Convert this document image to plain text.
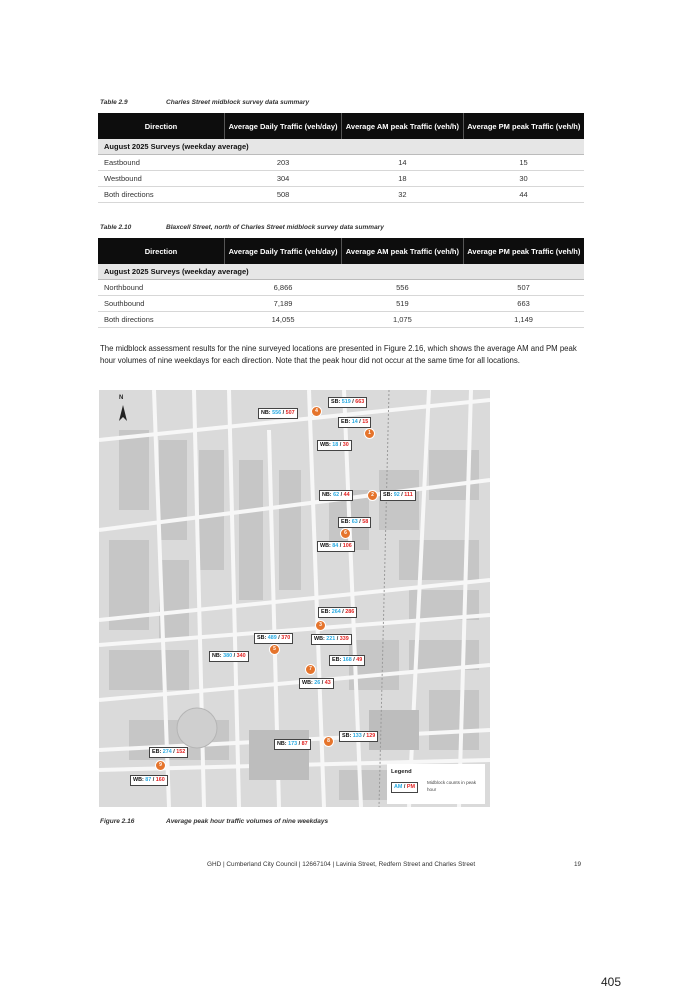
Table 2.9	Charles Street midblock survey data summary
Direction	Average Daily Traffic (veh/day)	Average AM peak Traffic (veh/h)	Average PM peak Traffic (veh/h)
August 2025 Surveys (weekday average)			
Eastbound	203	14	15
Westbound	304	18	30
Both directions	508	32	44
Table 2.10	Blaxcell Street, north of Charles Street midblock survey data summary
Direction	Average Daily Traffic (veh/day)	Average AM peak Traffic (veh/h)	Average PM peak Traffic (veh/h)
August 2025 Surveys (weekday average)			
Northbound	6,866	556	507
Southbound	7,189	519	663
Both directions	14,055	1,075	1,149
The midblock assessment results for the nine surveyed locations are presented in Figure 2.16, which shows the average AM and PM peak hour volumes of nine weekdays for each direction. Note that the peak hour did not occur at the same time for all locations.
N
SB: 519 / 663
NB: 556 / 507
EB: 14 / 15
WB: 18 / 30
NB: 62 / 44	SB: 92 / 111
EB: 63 / 58
WB: 84 / 106
EB: 264 / 286
SB: 489 / 370	WB: 221 / 339
NB: 380 / 340
EB: 168 / 49
WB: 26 / 43
SB: 133 / 129
NB: 173 / 87
EB: 274 / 152
WB: 87 / 160
4
1
2
6
3
5
7
8
9
Legend
AM / PM
Midblock counts in peak hour
Figure 2.16	Average peak hour traffic volumes of nine weekdays
GHD | Cumberland City Council | 12667104 | Lavinia Street, Redfern Street and Charles Street	19
405
